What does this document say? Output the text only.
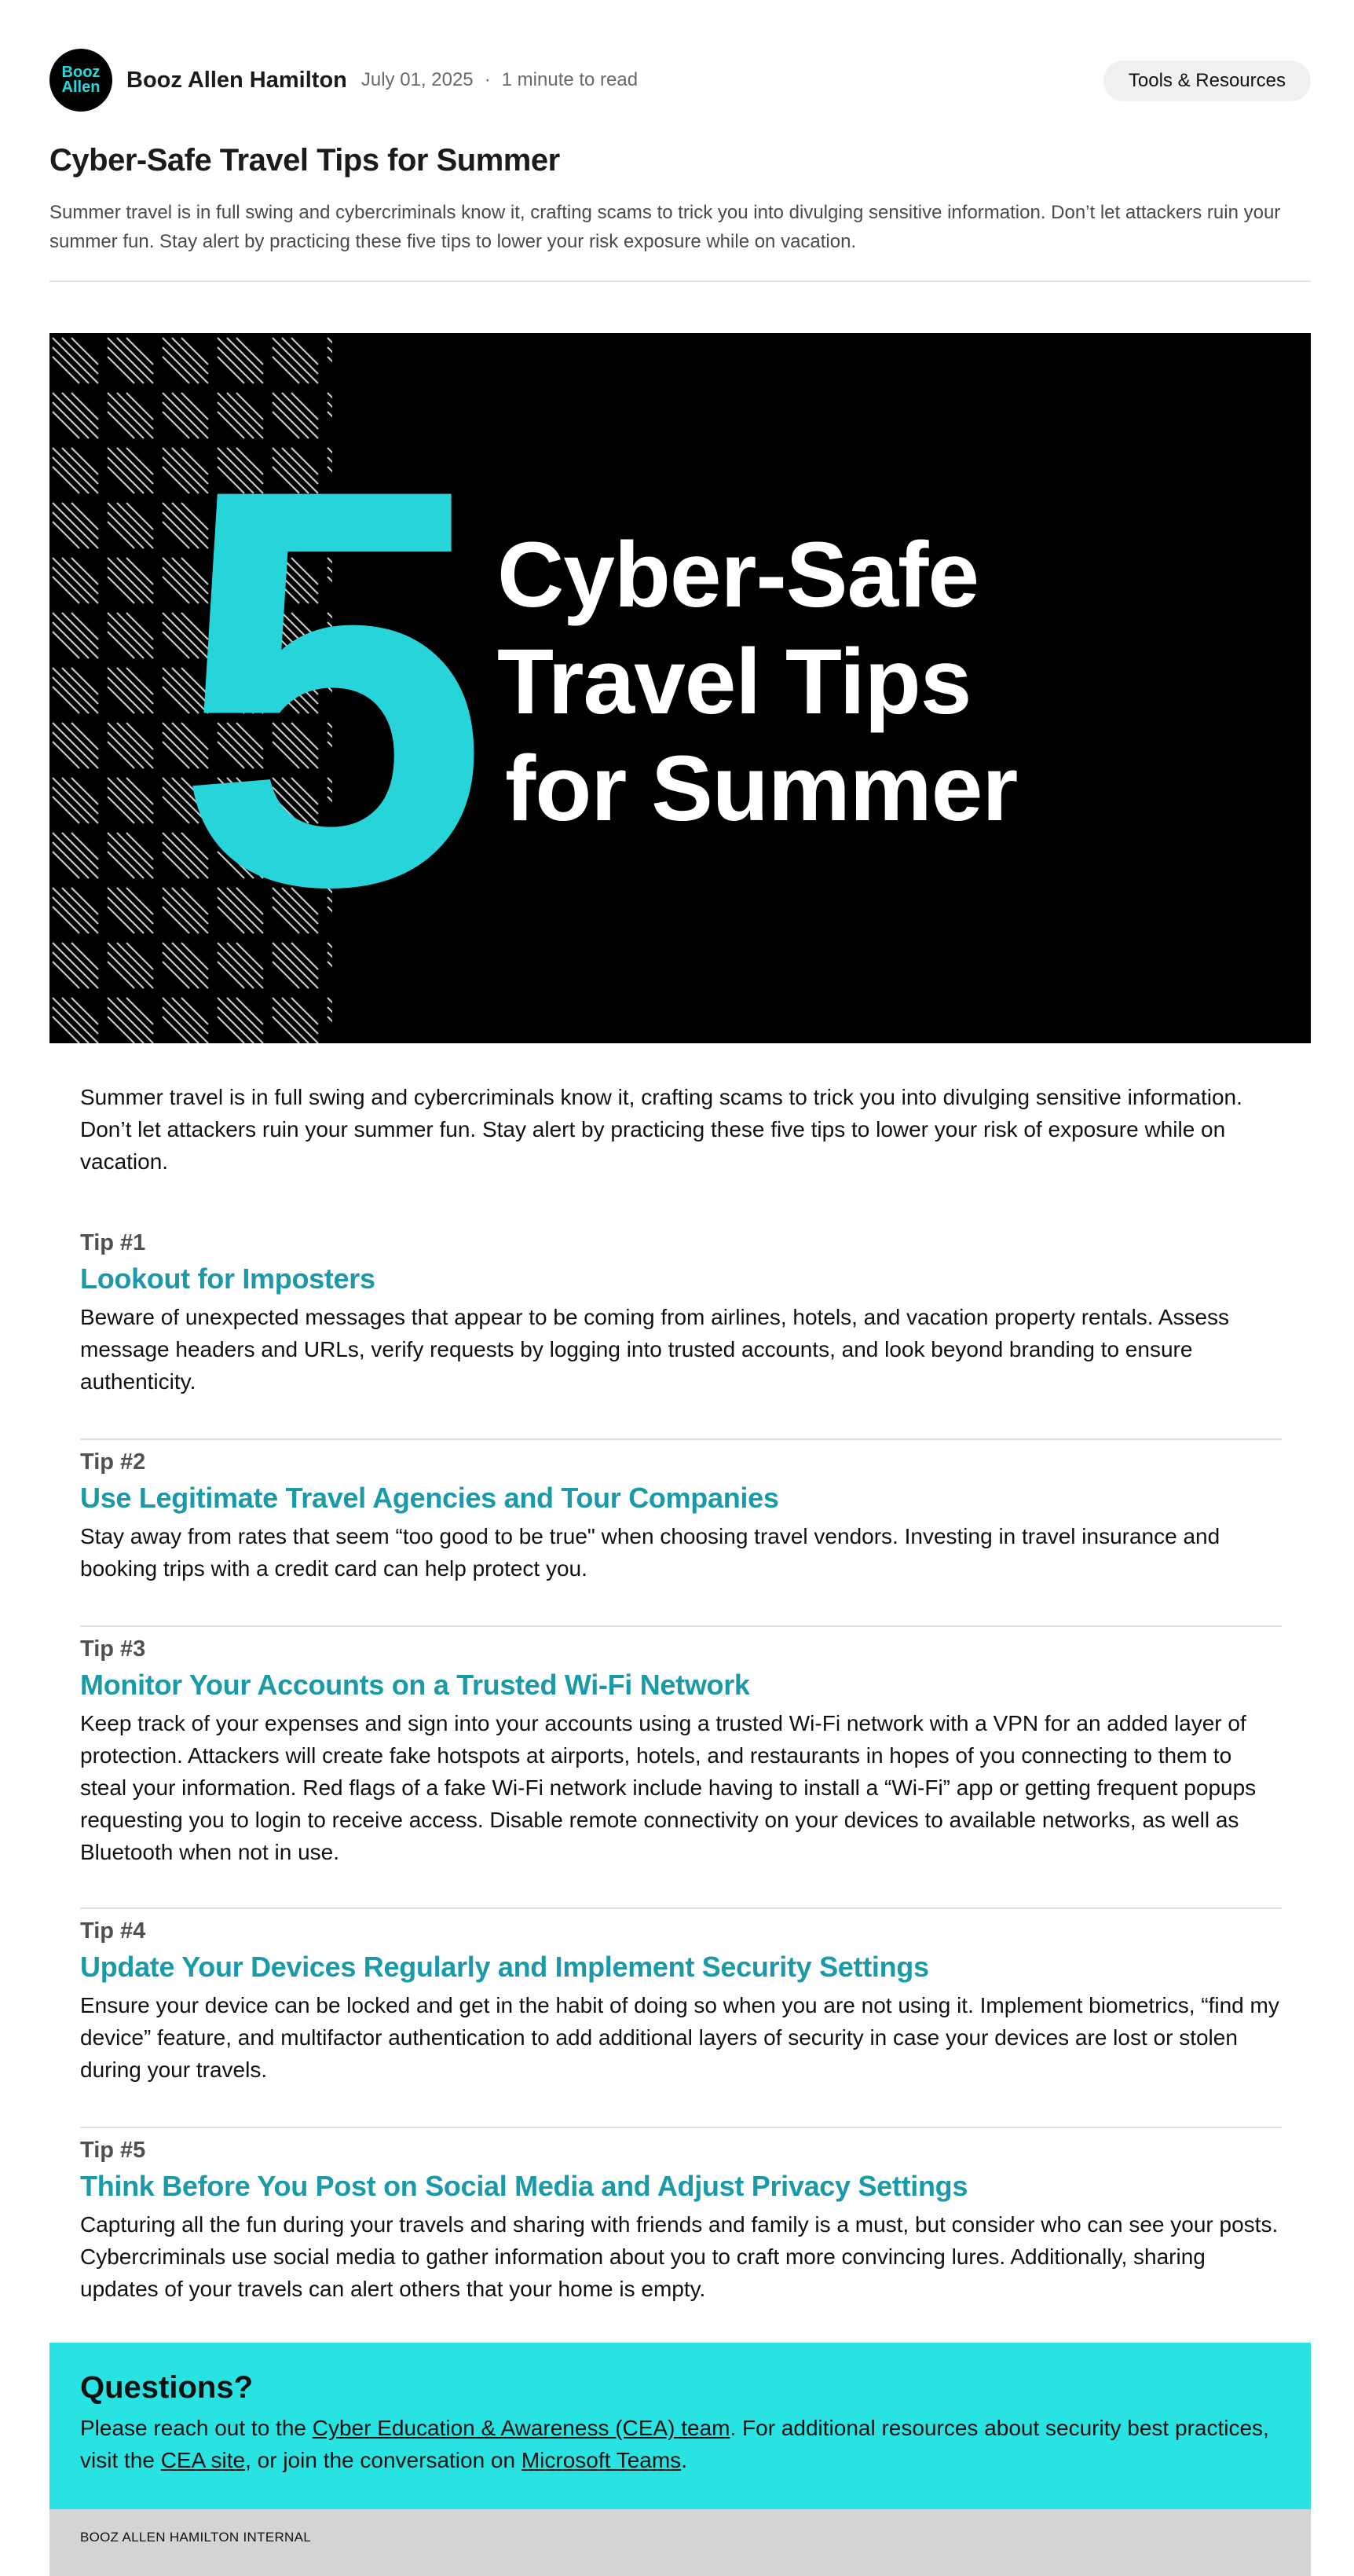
Booz
Allen Booz Allen Hamilton July 01, 2025 · 1 minute to read	Tools & Resources
Cyber-Safe Travel Tips for Summer

Summer travel is in full swing and cybercriminals know it, crafting scams to trick you into divulging sensitive information. Don’t let attackers ruin your summer fun. Stay alert by practicing these five tips to lower your risk exposure while on vacation.

5 Cyber-Safe
Travel Tips
for Summer

Summer travel is in full swing and cybercriminals know it, crafting scams to trick you into divulging sensitive information. Don’t let attackers ruin your summer fun. Stay alert by practicing these five tips to lower your risk of exposure while on vacation.

Tip #1
Lookout for Imposters
Beware of unexpected messages that appear to be coming from airlines, hotels, and vacation property rentals. Assess message headers and URLs, verify requests by logging into trusted accounts, and look beyond branding to ensure authenticity.
Tip #2
Use Legitimate Travel Agencies and Tour Companies
Stay away from rates that seem “too good to be true" when choosing travel vendors. Investing in travel insurance and booking trips with a credit card can help protect you.
Tip #3
Monitor Your Accounts on a Trusted Wi-Fi Network
Keep track of your expenses and sign into your accounts using a trusted Wi-Fi network with a VPN for an added layer of protection. Attackers will create fake hotspots at airports, hotels, and restaurants in hopes of you connecting to them to steal your information. Red flags of a fake Wi-Fi network include having to install a “Wi-Fi” app or getting frequent popups requesting you to login to receive access. Disable remote connectivity on your devices to available networks, as well as Bluetooth when not in use.
Tip #4
Update Your Devices Regularly and Implement Security Settings
Ensure your device can be locked and get in the habit of doing so when you are not using it. Implement biometrics, “find my device” feature, and multifactor authentication to add additional layers of security in case your devices are lost or stolen during your travels.
Tip #5
Think Before You Post on Social Media and Adjust Privacy Settings
Capturing all the fun during your travels and sharing with friends and family is a must, but consider who can see your posts. Cybercriminals use social media to gather information about you to craft more convincing lures. Additionally, sharing updates of your travels can alert others that your home is empty.
Questions?

Please reach out to the Cyber Education & Awareness (CEA) team. For additional resources about security best practices, visit the CEA site, or join the conversation on Microsoft Teams.

BOOZ ALLEN HAMILTON INTERNAL
